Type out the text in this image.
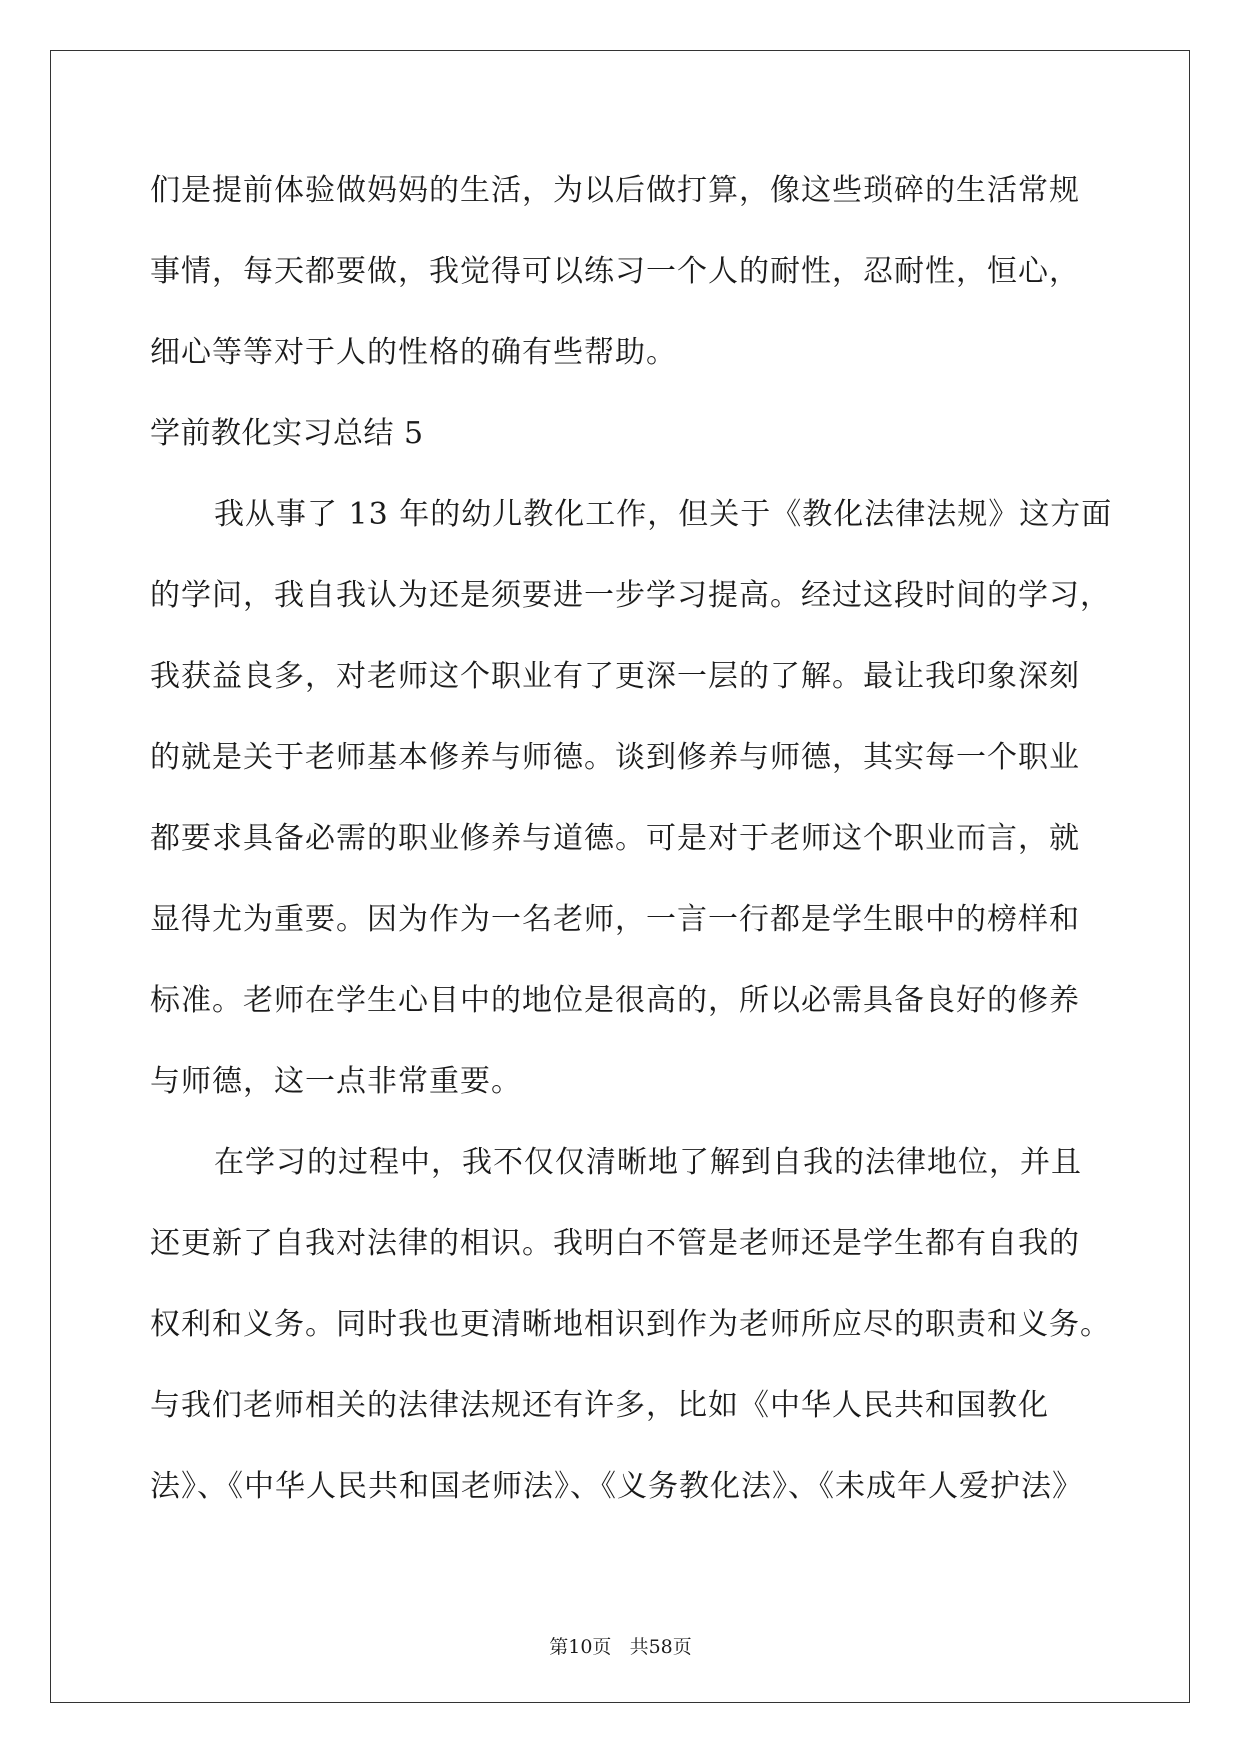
们是提前体验做妈妈的生活，为以后做打算，像这些琐碎的生活常规
事情，每天都要做，我觉得可以练习一个人的耐性，忍耐性，恒心，
细心等等对于人的性格的确有些帮助。
学前教化实习总结 5
我从事了 13 年的幼儿教化工作，但关于《教化法律法规》这方面
的学问，我自我认为还是须要进一步学习提高。经过这段时间的学习，
我获益良多，对老师这个职业有了更深一层的了解。最让我印象深刻
的就是关于老师基本修养与师德。谈到修养与师德，其实每一个职业
都要求具备必需的职业修养与道德。可是对于老师这个职业而言，就
显得尤为重要。因为作为一名老师，一言一行都是学生眼中的榜样和
标准。老师在学生心目中的地位是很高的，所以必需具备良好的修养
与师德，这一点非常重要。
在学习的过程中，我不仅仅清晰地了解到自我的法律地位，并且
还更新了自我对法律的相识。我明白不管是老师还是学生都有自我的
权利和义务。同时我也更清晰地相识到作为老师所应尽的职责和义务。
与我们老师相关的法律法规还有许多，比如《中华人民共和国教化
法》、《中华人民共和国老师法》、《义务教化法》、《未成年人爱护法》
第10页 共58页
